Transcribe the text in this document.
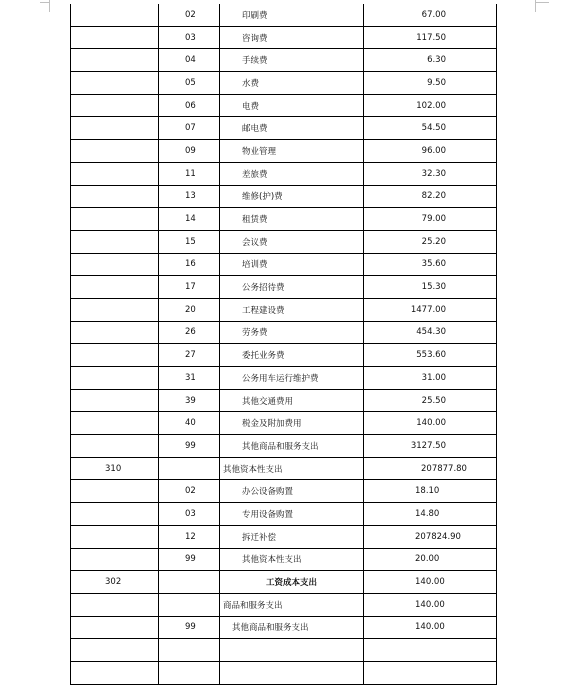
	02	印刷费	67.00
	03	咨询费	117.50
	04	手续费	6.30
	05	水费	9.50
	06	电费	102.00
	07	邮电费	54.50
	09	物业管理	96.00
	11	差旅费	32.30
	13	维修(护)费	82.20
	14	租赁费	79.00
	15	会议费	25.20
	16	培训费	35.60
	17	公务招待费	15.30
	20	工程建设费	1477.00
	26	劳务费	454.30
	27	委托业务费	553.60
	31	公务用车运行维护费	31.00
	39	其他交通费用	25.50
	40	税金及附加费用	140.00
	99	其他商品和服务支出	3127.50
310		其他资本性支出	207877.80
	02	办公设备购置	18.10
	03	专用设备购置	14.80
	12	拆迁补偿	207824.90
	99	其他资本性支出	20.00
302		工资成本支出	140.00
		商品和服务支出	140.00
	99	其他商品和服务支出	140.00
